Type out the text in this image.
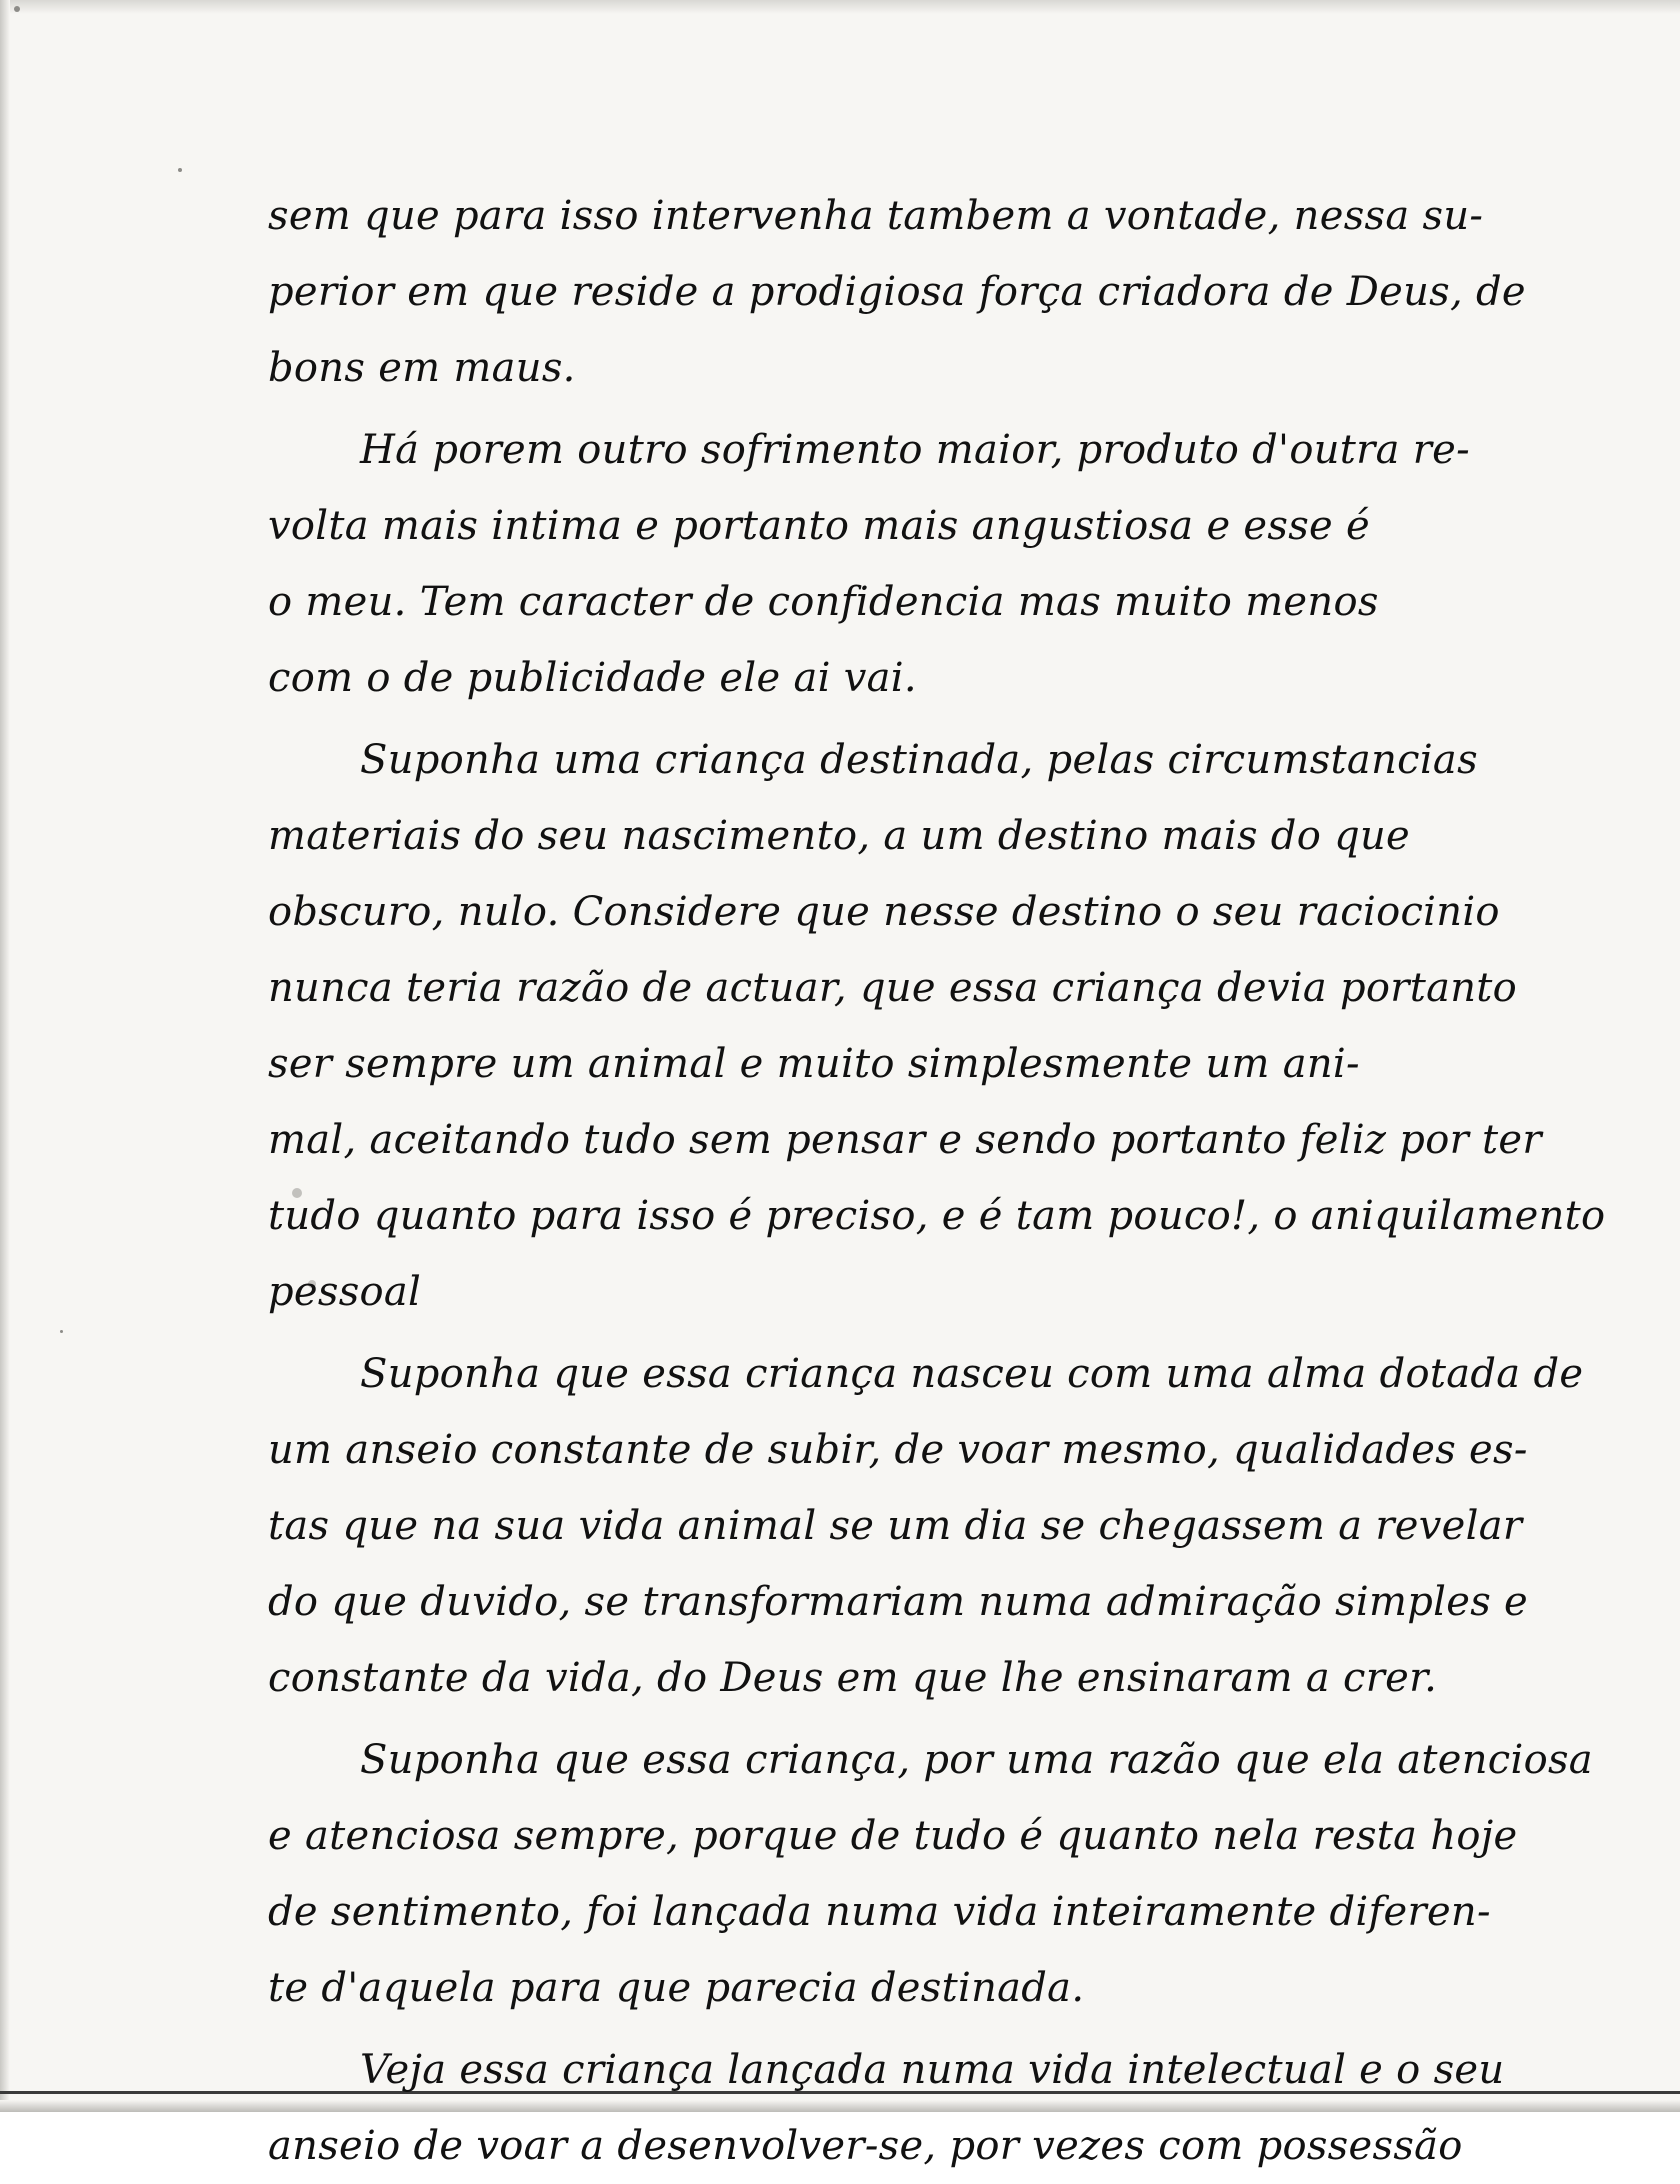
sem que para isso intervenha tambem a vontade, nessa su-
perior em que reside a prodigiosa força criadora de Deus, de
bons em maus.
Há porem outro sofrimento maior, produto d'outra re-
volta mais intima e portanto mais angustiosa e esse é
o meu. Tem caracter de confidencia mas muito menos
com o de publicidade ele ai vai.
Suponha uma criança destinada, pelas circumstancias
materiais do seu nascimento, a um destino mais do que
obscuro, nulo. Considere que nesse destino o seu raciocinio
nunca teria razão de actuar, que essa criança devia portanto
ser sempre um animal e muito simplesmente um ani-
mal, aceitando tudo sem pensar e sendo portanto feliz por ter
tudo quanto para isso é preciso, e é tam pouco!, o aniquilamento
pessoal
Suponha que essa criança nasceu com uma alma dotada de
um anseio constante de subir, de voar mesmo, qualidades es-
tas que na sua vida animal se um dia se chegassem a revelar
do que duvido, se transformariam numa admiração simples e
constante da vida, do Deus em que lhe ensinaram a crer.
Suponha que essa criança, por uma razão que ela atenciosa
e atenciosa sempre, porque de tudo é quanto nela resta hoje
de sentimento, foi lançada numa vida inteiramente diferen-
te d'aquela para que parecia destinada.
Veja essa criança lançada numa vida intelectual e o seu
anseio de voar a desenvolver-se, por vezes com possessão
